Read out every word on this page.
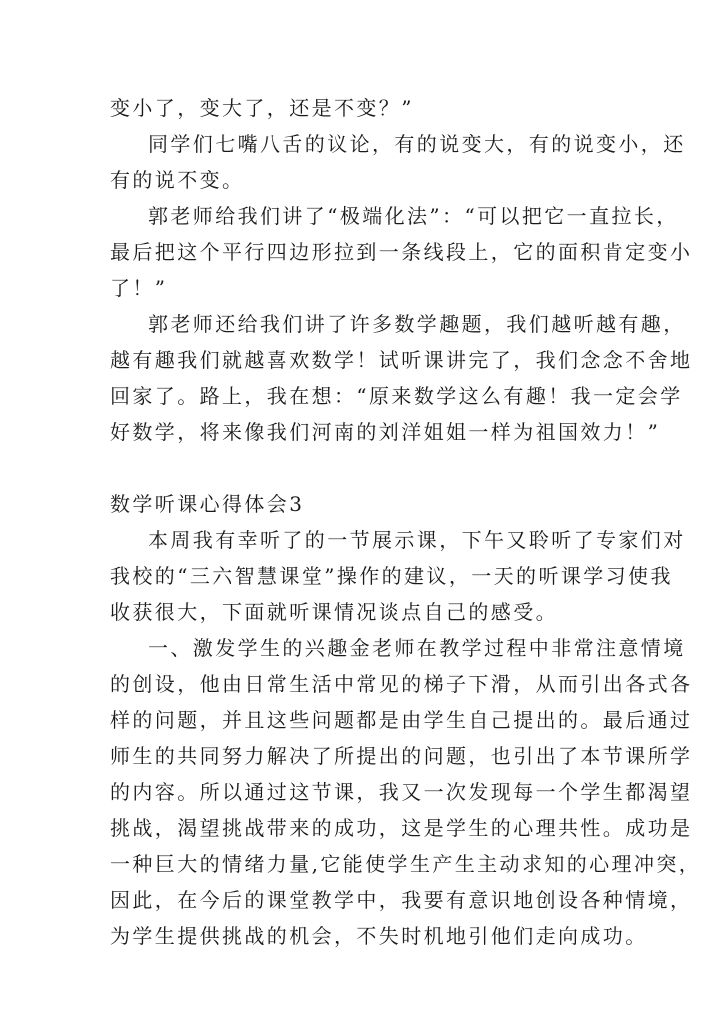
变小了，变大了，还是不变？”
同学们七嘴八舌的议论，有的说变大，有的说变小，还
有的说不变。
郭老师给我们讲了“极端化法”：“可以把它一直拉长，
最后把这个平行四边形拉到一条线段上，它的面积肯定变小
了！”
郭老师还给我们讲了许多数学趣题，我们越听越有趣，
越有趣我们就越喜欢数学！试听课讲完了，我们念念不舍地
回家了。路上，我在想：“原来数学这么有趣！我一定会学
好数学，将来像我们河南的刘洋姐姐一样为祖国效力！”
数学听课心得体会3
本周我有幸听了的一节展示课，下午又聆听了专家们对
我校的“三六智慧课堂”操作的建议，一天的听课学习使我
收获很大，下面就听课情况谈点自己的感受。
一、激发学生的兴趣金老师在教学过程中非常注意情境
的创设，他由日常生活中常见的梯子下滑，从而引出各式各
样的问题，并且这些问题都是由学生自己提出的。最后通过
师生的共同努力解决了所提出的问题，也引出了本节课所学
的内容。所以通过这节课，我又一次发现每一个学生都渴望
挑战，渴望挑战带来的成功，这是学生的心理共性。成功是
一种巨大的情绪力量,它能使学生产生主动求知的心理冲突，
因此，在今后的课堂教学中，我要有意识地创设各种情境，
为学生提供挑战的机会，不失时机地引他们走向成功。
